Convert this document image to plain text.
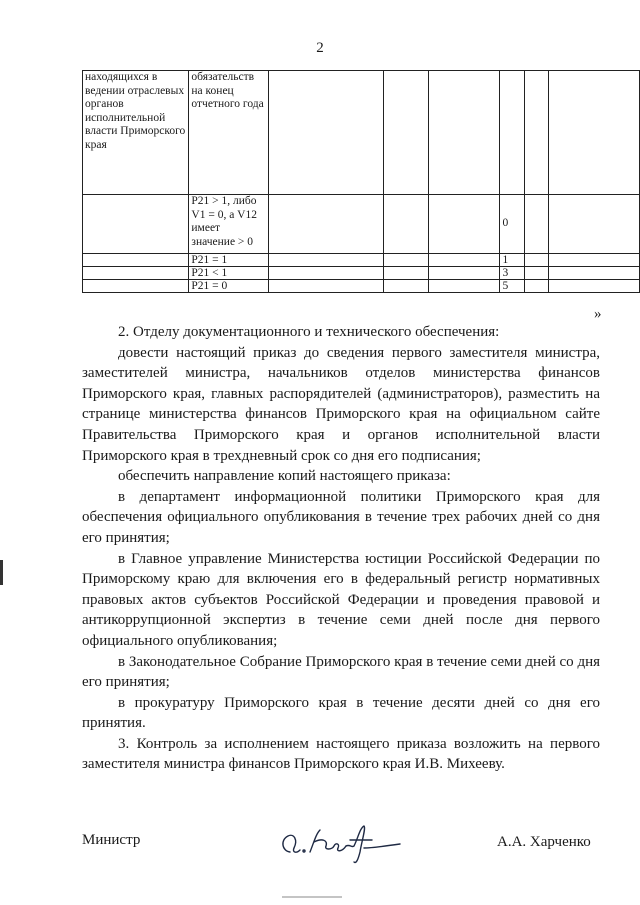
2
находящихся в ведении отраслевых органов исполнительной власти Приморского края	обязательств на конец отчетного года						
	P21 > 1, либо V1 = 0, а V12 имеет значение > 0				0		
	P21 = 1				1		
	P21 < 1				3		
	P21 = 0				5		
»

2. Отделу документационного и технического обеспечения:

довести настоящий приказ до сведения первого заместителя министра, заместителей министра, начальников отделов министерства финансов Приморского края, главных распорядителей (администраторов), разместить на странице министерства финансов Приморского края на официальном сайте Правительства Приморского края и органов исполнительной власти Приморского края в трехдневный срок со дня его подписания;

обеспечить направление копий настоящего приказа:

в департамент информационной политики Приморского края для обеспечения официального опубликования в течение трех рабочих дней со дня его принятия;

в Главное управление Министерства юстиции Российской Федерации по Приморскому краю для включения его в федеральный регистр нормативных правовых актов субъектов Российской Федерации и проведения правовой и антикоррупционной экспертиз в течение семи дней после дня первого официального опубликования;

в Законодательное Собрание Приморского края в течение семи дней со дня его принятия;

в прокуратуру Приморского края в течение десяти дней со дня его принятия.

3. Контроль за исполнением настоящего приказа возложить на первого заместителя министра финансов Приморского края И.В. Михееву.

Министр	А.А. Харченко
